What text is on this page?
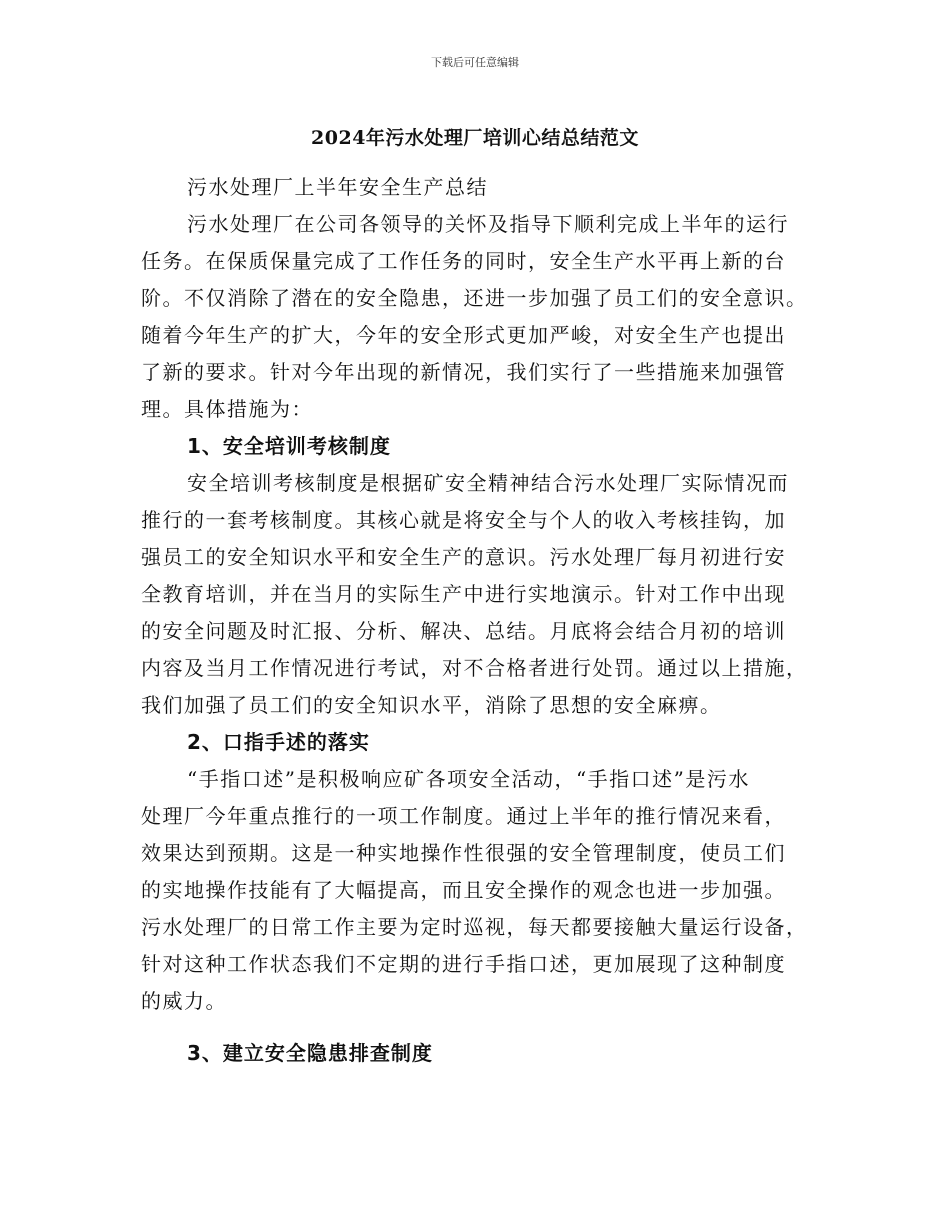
下载后可任意编辑
2024年污水处理厂培训心结总结范文
污水处理厂上半年安全生产总结
污水处理厂在公司各领导的关怀及指导下顺利完成上半年的运行
任务。在保质保量完成了工作任务的同时，安全生产水平再上新的台
阶。不仅消除了潜在的安全隐患，还进一步加强了员工们的安全意识。
随着今年生产的扩大，今年的安全形式更加严峻，对安全生产也提出
了新的要求。针对今年出现的新情况，我们实行了一些措施来加强管
理。具体措施为：
1、安全培训考核制度
安全培训考核制度是根据矿安全精神结合污水处理厂实际情况而
推行的一套考核制度。其核心就是将安全与个人的收入考核挂钩，加
强员工的安全知识水平和安全生产的意识。污水处理厂每月初进行安
全教育培训，并在当月的实际生产中进行实地演示。针对工作中出现
的安全问题及时汇报、分析、解决、总结。月底将会结合月初的培训
内容及当月工作情况进行考试，对不合格者进行处罚。通过以上措施，
我们加强了员工们的安全知识水平，消除了思想的安全麻痹。
2、口指手述的落实
“手指口述”是积极响应矿各项安全活动，“手指口述”是污水
处理厂今年重点推行的一项工作制度。通过上半年的推行情况来看，
效果达到预期。这是一种实地操作性很强的安全管理制度，使员工们
的实地操作技能有了大幅提高，而且安全操作的观念也进一步加强。
污水处理厂的日常工作主要为定时巡视，每天都要接触大量运行设备，
针对这种工作状态我们不定期的进行手指口述，更加展现了这种制度
的威力。
3、建立安全隐患排查制度
